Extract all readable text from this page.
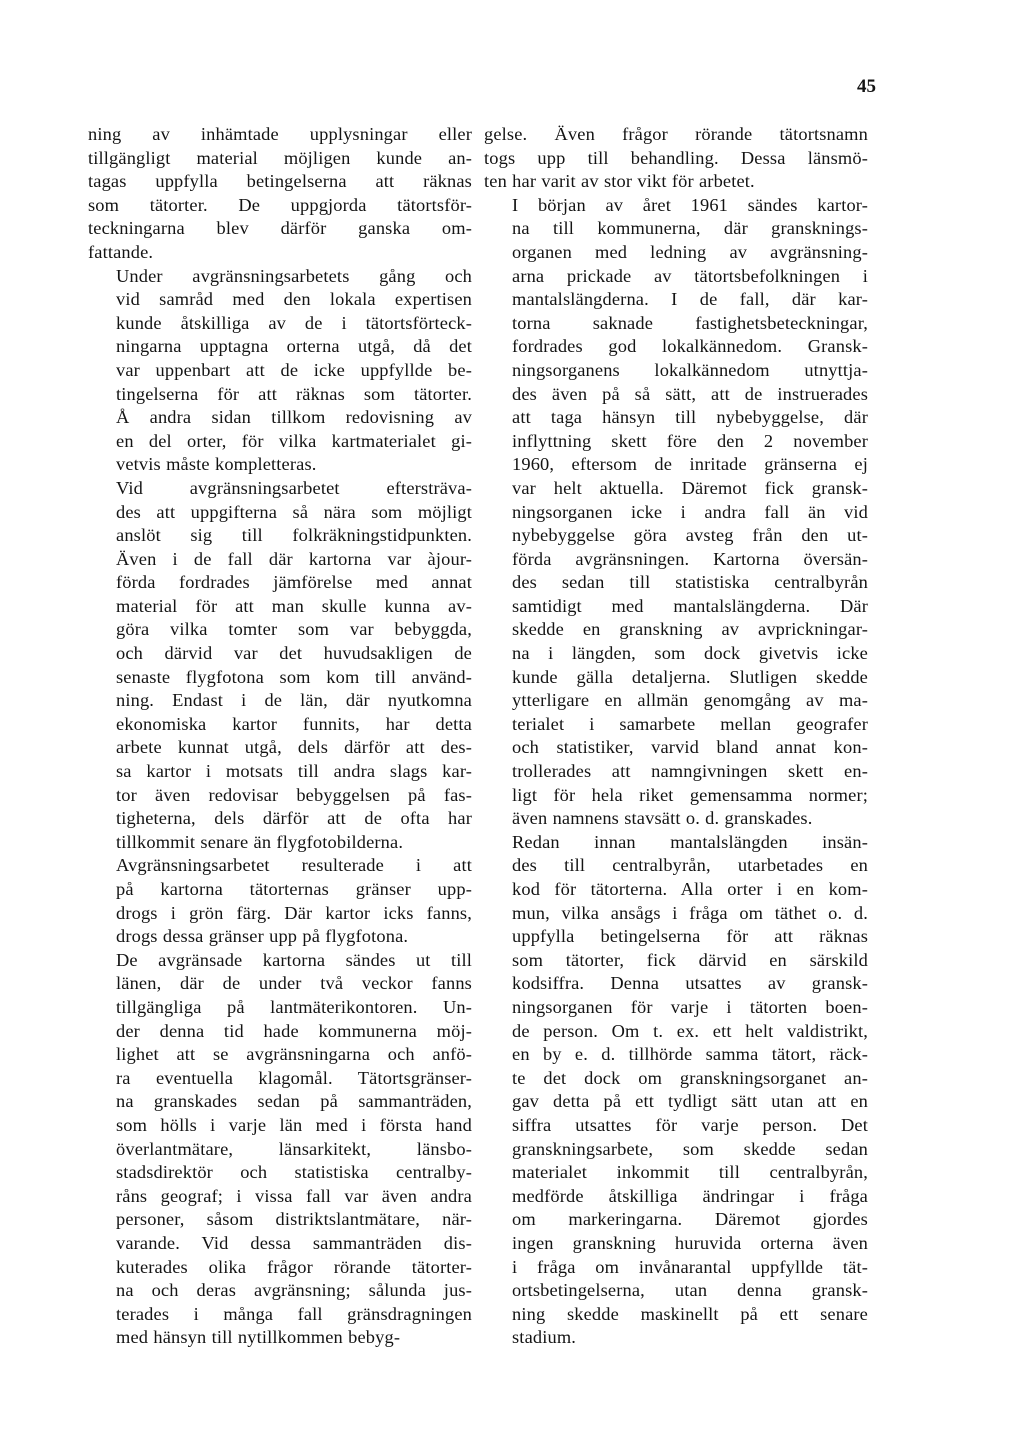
45

ning av inhämtade upplysningar eller
tillgängligt material möjligen kunde an-
tagas uppfylla betingelserna att räknas
som tätorter. De uppgjorda tätortsför-
teckningarna blev därför ganska om-
fattande.

Under avgränsningsarbetets gång och
vid samråd med den lokala expertisen
kunde åtskilliga av de i tätortsförteck-
ningarna upptagna orterna utgå, då det
var uppenbart att de icke uppfyllde be-
tingelserna för att räknas som tätorter.
Å andra sidan tillkom redovisning av
en del orter, för vilka kartmaterialet gi-
vetvis måste kompletteras.

Vid avgränsningsarbetet eftersträva-
des att uppgifterna så nära som möjligt
anslöt sig till folkräkningstidpunkten.
Även i de fall där kartorna var àjour-
förda fordrades jämförelse med annat
material för att man skulle kunna av-
göra vilka tomter som var bebyggda,
och därvid var det huvudsakligen de
senaste flygfotona som kom till använd-
ning. Endast i de län, där nyutkomna
ekonomiska kartor funnits, har detta
arbete kunnat utgå, dels därför att des-
sa kartor i motsats till andra slags kar-
tor även redovisar bebyggelsen på fas-
tigheterna, dels därför att de ofta har
tillkommit senare än flygfotobilderna.

Avgränsningsarbetet resulterade i att
på kartorna tätorternas gränser upp-
drogs i grön färg. Där kartor icks fanns,
drogs dessa gränser upp på flygfotona.

De avgränsade kartorna sändes ut till
länen, där de under två veckor fanns
tillgängliga på lantmäterikontoren. Un-
der denna tid hade kommunerna möj-
lighet att se avgränsningarna och anfö-
ra eventuella klagomål. Tätortsgränser-
na granskades sedan på sammanträden,
som hölls i varje län med i första hand
överlantmätare, länsarkitekt, länsbo-
stadsdirektör och statistiska centralby-
råns geograf; i vissa fall var även andra
personer, såsom distriktslantmätare, när-
varande. Vid dessa sammanträden dis-
kuterades olika frågor rörande tätorter-
na och deras avgränsning; sålunda jus-
terades i många fall gränsdragningen
med hänsyn till nytillkommen bebyg-

gelse. Även frågor rörande tätortsnamn
togs upp till behandling. Dessa länsmö-
ten har varit av stor vikt för arbetet.

I början av året 1961 sändes kartor-
na till kommunerna, där gransknings-
organen med ledning av avgränsning-
arna prickade av tätortsbefolkningen i
mantalslängderna. I de fall, där kar-
torna saknade fastighetsbeteckningar,
fordrades god lokalkännedom. Gransk-
ningsorganens lokalkännedom utnyttja-
des även på så sätt, att de instruerades
att taga hänsyn till nybebyggelse, där
inflyttning skett före den 2 november
1960, eftersom de inritade gränserna ej
var helt aktuella. Däremot fick gransk-
ningsorganen icke i andra fall än vid
nybebyggelse göra avsteg från den ut-
förda avgränsningen. Kartorna översän-
des sedan till statistiska centralbyrån
samtidigt med mantalslängderna. Där
skedde en granskning av avprickningar-
na i längden, som dock givetvis icke
kunde gälla detaljerna. Slutligen skedde
ytterligare en allmän genomgång av ma-
terialet i samarbete mellan geografer
och statistiker, varvid bland annat kon-
trollerades att namngivningen skett en-
ligt för hela riket gemensamma normer;
även namnens stavsätt o. d. granskades.

Redan innan mantalslängden insän-
des till centralbyrån, utarbetades en
kod för tätorterna. Alla orter i en kom-
mun, vilka ansågs i fråga om täthet o. d.
uppfylla betingelserna för att räknas
som tätorter, fick därvid en särskild
kodsiffra. Denna utsattes av gransk-
ningsorganen för varje i tätorten boen-
de person. Om t. ex. ett helt valdistrikt,
en by e. d. tillhörde samma tätort, räck-
te det dock om granskningsorganet an-
gav detta på ett tydligt sätt utan att en
siffra utsattes för varje person. Det
granskningsarbete, som skedde sedan
materialet inkommit till centralbyrån,
medförde åtskilliga ändringar i fråga
om markeringarna. Däremot gjordes
ingen granskning huruvida orterna även
i fråga om invånarantal uppfyllde tät-
ortsbetingelserna, utan denna gransk-
ning skedde maskinellt på ett senare
stadium.
